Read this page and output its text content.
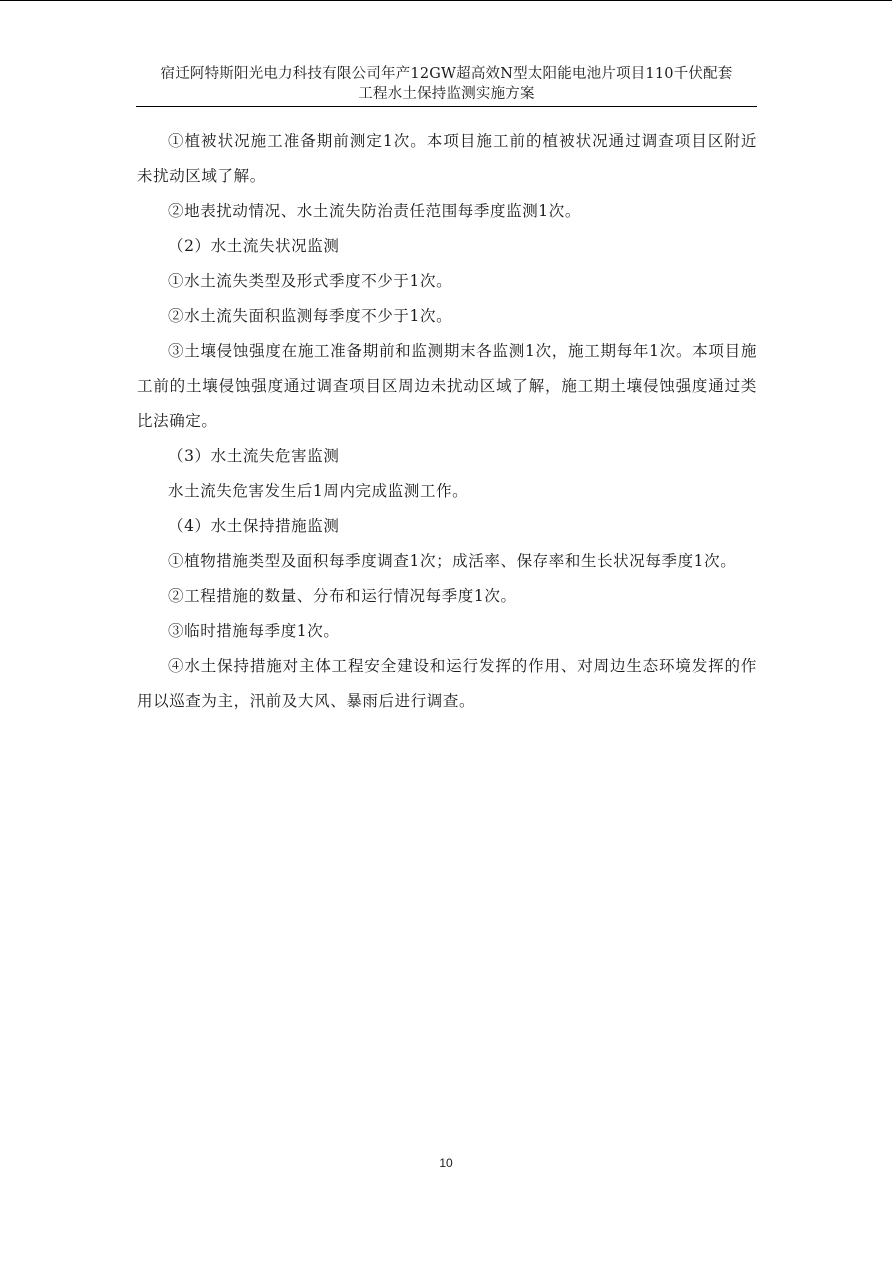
宿迁阿特斯阳光电力科技有限公司年产12GW超高效N型太阳能电池片项目110千伏配套
工程水土保持监测实施方案

①植被状况施工准备期前测定1次。本项目施工前的植被状况通过调查项目区附近未扰动区域了解。

②地表扰动情况、水土流失防治责任范围每季度监测1次。

（2）水土流失状况监测

①水土流失类型及形式季度不少于1次。

②水土流失面积监测每季度不少于1次。

③土壤侵蚀强度在施工准备期前和监测期末各监测1次，施工期每年1次。本项目施工前的土壤侵蚀强度通过调查项目区周边未扰动区域了解，施工期土壤侵蚀强度通过类比法确定。

（3）水土流失危害监测

水土流失危害发生后1周内完成监测工作。

（4）水土保持措施监测

①植物措施类型及面积每季度调查1次；成活率、保存率和生长状况每季度1次。

②工程措施的数量、分布和运行情况每季度1次。

③临时措施每季度1次。

④水土保持措施对主体工程安全建设和运行发挥的作用、对周边生态环境发挥的作用以巡查为主，汛前及大风、暴雨后进行调查。

10
